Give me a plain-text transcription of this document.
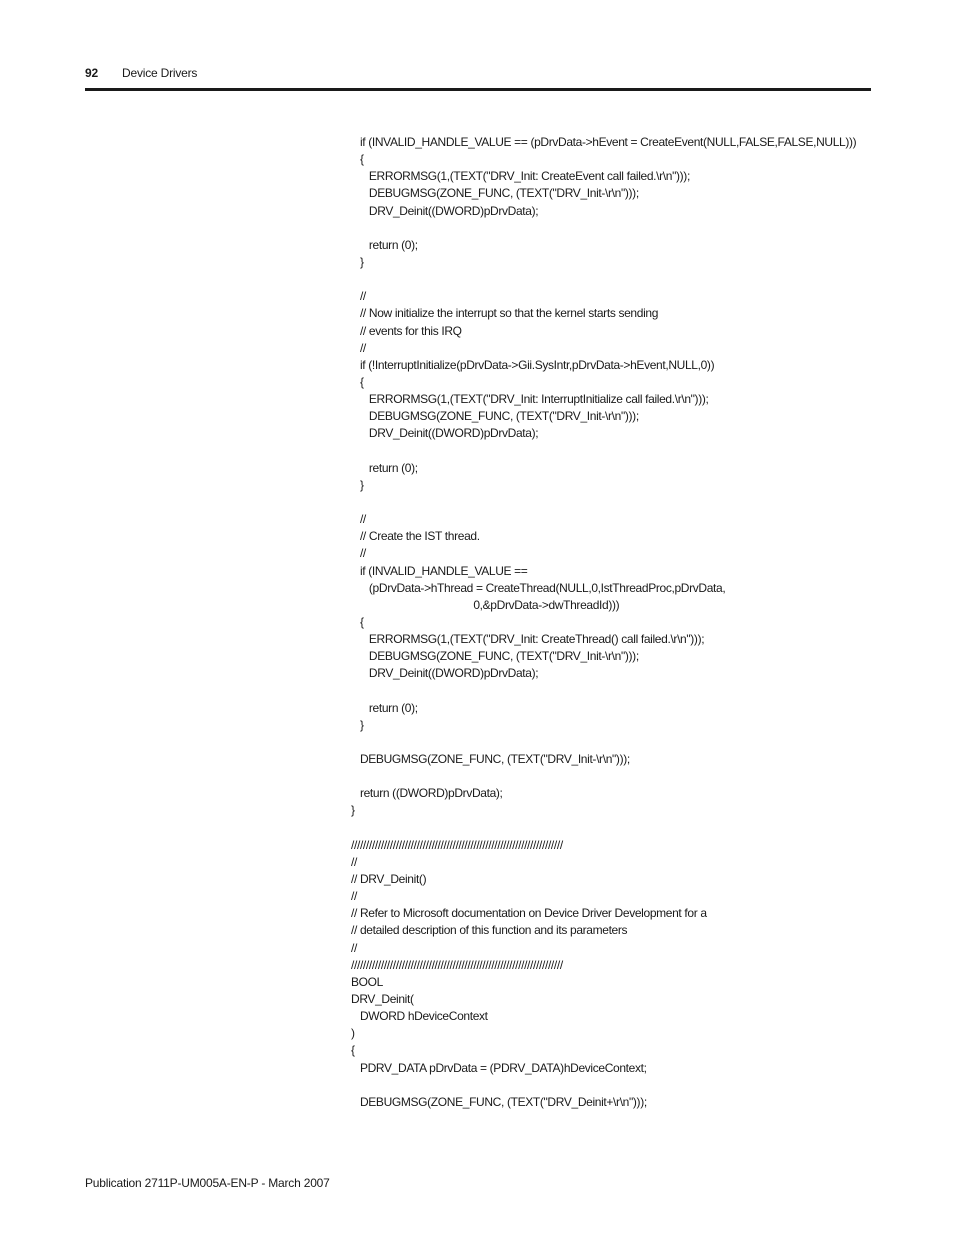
92 Device Drivers
if (INVALID_HANDLE_VALUE == (pDrvData->hEvent = CreateEvent(NULL,FALSE,FALSE,NULL)))
{
ERRORMSG(1,(TEXT("DRV_Init: CreateEvent call failed.\r\n")));
DEBUGMSG(ZONE_FUNC, (TEXT("DRV_Init-\r\n")));
DRV_Deinit((DWORD)pDrvData);
return (0);
}
//
// Now initialize the interrupt so that the kernel starts sending
// events for this IRQ
//
if (!InterruptInitialize(pDrvData->Gii.SysIntr,pDrvData->hEvent,NULL,0))
{
ERRORMSG(1,(TEXT("DRV_Init: InterruptInitialize call failed.\r\n")));
DEBUGMSG(ZONE_FUNC, (TEXT("DRV_Init-\r\n")));
DRV_Deinit((DWORD)pDrvData);
return (0);
}
//
// Create the IST thread.
//
if (INVALID_HANDLE_VALUE ==
(pDrvData->hThread = CreateThread(NULL,0,IstThreadProc,pDrvData,
0,&pDrvData->dwThreadId)))
{
ERRORMSG(1,(TEXT("DRV_Init: CreateThread() call failed.\r\n")));
DEBUGMSG(ZONE_FUNC, (TEXT("DRV_Init-\r\n")));
DRV_Deinit((DWORD)pDrvData);
return (0);
}
DEBUGMSG(ZONE_FUNC, (TEXT("DRV_Init-\r\n")));
return ((DWORD)pDrvData);
}
///////////////////////////////////////////////////////////////////////
//
// DRV_Deinit()
//
// Refer to Microsoft documentation on Device Driver Development for a
// detailed description of this function and its parameters
//
///////////////////////////////////////////////////////////////////////
BOOL
DRV_Deinit(
DWORD hDeviceContext
)
{
PDRV_DATA pDrvData = (PDRV_DATA)hDeviceContext;
DEBUGMSG(ZONE_FUNC, (TEXT("DRV_Deinit+\r\n")));
Publication 2711P-UM005A-EN-P - March 2007
